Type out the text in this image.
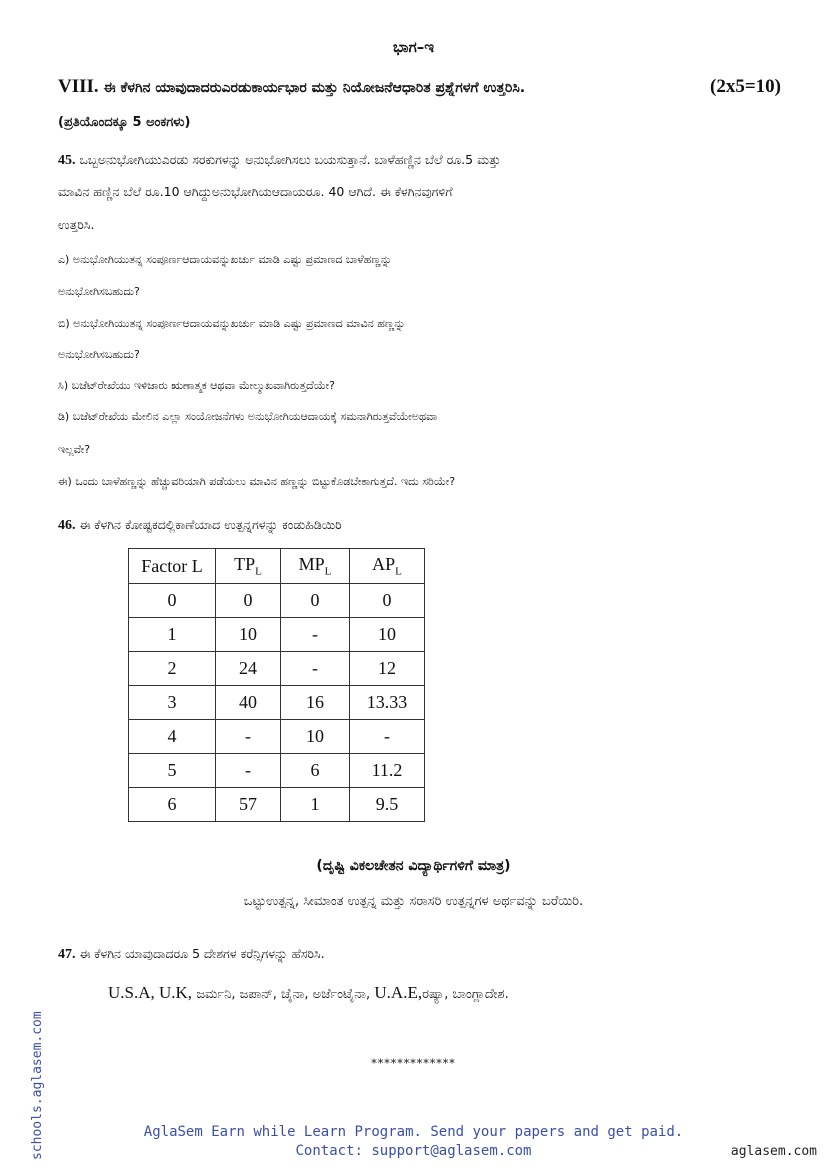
ಭಾಗ–ಇ
VIII. ಈ ಕೆಳಗಿನ ಯಾವುದಾದರುಎರಡುಕಾರ್ಯಭಾರ ಮತ್ತು ನಿಯೋಜನೆಆಧಾರಿತ ಪ್ರಶ್ನೆಗಳಗೆ ಉತ್ತರಿಸಿ.	(2x5=10)
(ಪ್ರತಿಯೊಂದಕ್ಕೂ 5 ಅಂಕಗಳು)
45. ಒಬ್ಬಅನುಭೋಗಿಯುಎರಡು ಸರಕುಗಳನ್ನು ಅನುಭೋಗಿಸಲು ಬಯಸುತ್ತಾನೆ. ಬಾಳೆಹಣ್ಣಿನ ಬೆಲೆ ರೂ.5 ಮತ್ತು
ಮಾವಿನ ಹಣ್ಣಿನ ಬೆಲೆ ರೂ.10 ಆಗಿದ್ದುಅನುಭೋಗಿಯಆದಾಯರೂ. 40 ಆಗಿದೆ. ಈ ಕೆಳಗಿನವುಗಳಿಗೆ
ಉತ್ತರಿಸಿ.
ಎ) ಅನುಭೋಗಿಯುತನ್ನ ಸಂಪೂರ್ಣಆದಾಯವನ್ನುಖರ್ಚು ಮಾಡಿ ಎಷ್ಟು ಪ್ರಮಾಣದ ಬಾಳೆಹಣ್ಣನ್ನು
ಅನುಭೋಗಿಸಬಹುದು?
ಬಿ) ಅನುಭೋಗಿಯುತನ್ನ ಸಂಪೂರ್ಣಆದಾಯವನ್ನುಖರ್ಚು ಮಾಡಿ ಎಷ್ಟು ಪ್ರಮಾಣದ ಮಾವಿನ ಹಣ್ಣನ್ನು
ಅನುಭೋಗಿಸಬಹುದು?
ಸಿ) ಬಜೆಟ್‌ರೇಖೆಯು ಇಳಿಜಾರು ಋಣಾತ್ಮಕ ಆಥವಾ ಮೇಲ್ಮುಖವಾಗಿರುತ್ತದೆಯೇ?
ಡಿ) ಬಜೆಟ್‌ರೇಖೆಯ ಮೇಲಿನ ಎಲ್ಲಾ ಸಂಯೋಜನೆಗಳು ಅನುಭೋಗಿಯಆದಾಯಕ್ಕೆ ಸಮನಾಗಿರುತ್ತವೆಯೇಅಥವಾ
ಇಲ್ಲವೇ?
ಈ) ಒಂದು ಬಾಳೆಹಣ್ಣನ್ನು ಹೆಚ್ಚುವರಿಯಾಗಿ ಪಡೆಯಲು ಮಾವಿನ ಹಣ್ಣನ್ನು ಬಿಟ್ಟುಕೊಡಬೇಕಾಗುತ್ತದೆ. ಇದು ಸರಿಯೇ?
46. ಈ ಕೆಳಗಿನ ಕೋಷ್ಟಕದಲ್ಲಿಕಾಣೆಯಾದ ಉತ್ಪನ್ನಗಳನ್ನು ಕಂಡುಹಿಡಿಯಿರಿ
Factor L	$TP_L$	$MP_L$	$AP_L$
0	0	0	0
1	10	-	10
2	24	-	12
3	40	16	13.33
4	-	10	-
5	-	6	11.2
6	57	1	9.5
(ದೃಷ್ಟಿ ವಿಕಲಚೇತನ ವಿದ್ಯಾರ್ಥಿಗಳಿಗೆ ಮಾತ್ರ)
ಒಟ್ಟುಉತ್ಪನ್ನ, ಸೀಮಾಂತ ಉತ್ಪನ್ನ ಮತ್ತು ಸರಾಸರಿ ಉತ್ಪನ್ನಗಳ ಅರ್ಥವನ್ನು ಬರೆಯಿರಿ.
47. ಈ ಕೆಳಗಿನ ಯಾವುದಾದರೂ 5 ದೇಶಗಳ ಕರೆನ್ಸಿಗಳನ್ನು ಹೆಸರಿಸಿ.
U.S.A, U.K, ಜರ್ಮನಿ, ಜಪಾನ್, ಚೈನಾ, ಅರ್ಜೆಂಟೈನಾ, U.A.E,ರಷ್ಯಾ, ಬಾಂಗ್ಲಾದೇಶ.
*************
schools.aglasem.com	AglaSem Earn while Learn Program. Send your papers and get paid.
Contact: support@aglasem.com	aglasem.com
